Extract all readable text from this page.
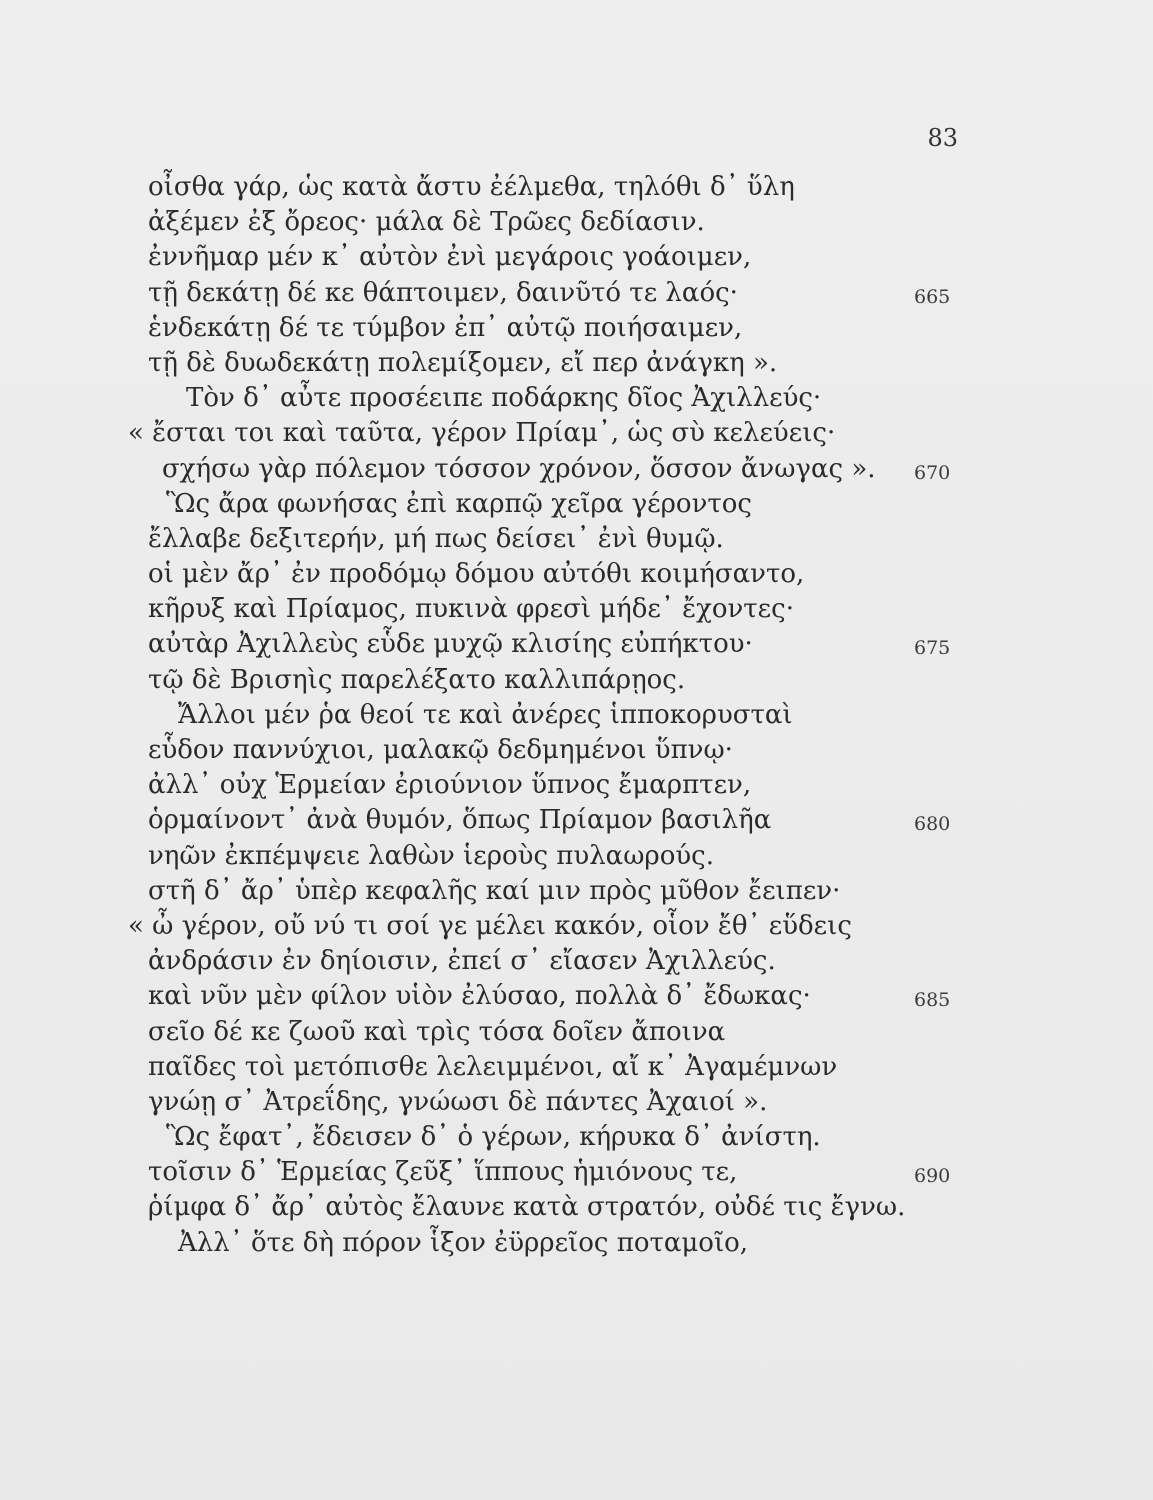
83
οἶσθα γάρ, ὡς κατὰ ἄστυ ἐέλμεθα, τηλόθι δ᾽ ὕλη
ἀξέμεν ἐξ ὄρεος· μάλα δὲ Τρῶες δεδίασιν.
ἐννῆμαρ μέν κ᾽ αὐτὸν ἐνὶ μεγάροις γοάοιμεν,
τῇ δεκάτῃ δέ κε θάπτοιμεν, δαινῦτό τε λαός·	665
ἑνδεκάτῃ δέ τε τύμβον ἐπ᾽ αὐτῷ ποιήσαιμεν,
τῇ δὲ δυωδεκάτῃ πολεμίξομεν, εἴ περ ἀνάγκη ».
Τὸν δ᾽ αὖτε προσέειπε ποδάρκης δῖος Ἀχιλλεύς·
« ἔσται τοι καὶ ταῦτα, γέρον Πρίαμ᾽, ὡς σὺ κελεύεις·
σχήσω γὰρ πόλεμον τόσσον χρόνον, ὅσσον ἄνωγας ». 670
Ὣς ἄρα φωνήσας ἐπὶ καρπῷ χεῖρα γέροντος
ἔλλαβε δεξιτερήν, μή πως δείσει᾽ ἐνὶ θυμῷ.
οἱ μὲν ἄρ᾽ ἐν προδόμῳ δόμου αὐτόθι κοιμήσαντο,
κῆρυξ καὶ Πρίαμος, πυκινὰ φρεσὶ μήδε᾽ ἔχοντες·
αὐτὰρ Ἀχιλλεὺς εὗδε μυχῷ κλισίης εὐπήκτου·	675
τῷ δὲ Βρισηὶς παρελέξατο καλλιπάρῃος.
Ἄλλοι μέν ῥα θεοί τε καὶ ἀνέρες ἱπποκορυσταὶ
εὗδον παννύχιοι, μαλακῷ δεδμημένοι ὕπνῳ·
ἀλλ᾽ οὐχ Ἑρμείαν ἐριούνιον ὕπνος ἔμαρπτεν,
ὁρμαίνοντ᾽ ἀνὰ θυμόν, ὅπως Πρίαμον βασιλῆα	680
νηῶν ἐκπέμψειε λαθὼν ἱεροὺς πυλαωρούς.
στῆ δ᾽ ἄρ᾽ ὑπὲρ κεφαλῆς καί μιν πρὸς μῦθον ἔειπεν·
« ὦ γέρον, οὔ νύ τι σοί γε μέλει κακόν, οἷον ἔθ᾽ εὕδεις
ἀνδράσιν ἐν δηίοισιν, ἐπεί σ᾽ εἴασεν Ἀχιλλεύς.
καὶ νῦν μὲν φίλον υἱὸν ἐλύσαο, πολλὰ δ᾽ ἔδωκας·	685
σεῖο δέ κε ζωοῦ καὶ τρὶς τόσα δοῖεν ἄποινα
παῖδες τοὶ μετόπισθε λελειμμένοι, αἴ κ᾽ Ἀγαμέμνων
γνώῃ σ᾽ Ἀτρεΐδης, γνώωσι δὲ πάντες Ἀχαιοί ».
Ὣς ἔφατ᾽, ἔδεισεν δ᾽ ὁ γέρων, κήρυκα δ᾽ ἀνίστη.
τοῖσιν δ᾽ Ἑρμείας ζεῦξ᾽ ἵππους ἡμιόνους τε,	690
ῥίμφα δ᾽ ἄρ᾽ αὐτὸς ἔλαυνε κατὰ στρατόν, οὐδέ τις ἔγνω.
Ἀλλ᾽ ὅτε δὴ πόρον ἷξον ἐϋρρεῖος ποταμοῖο,
